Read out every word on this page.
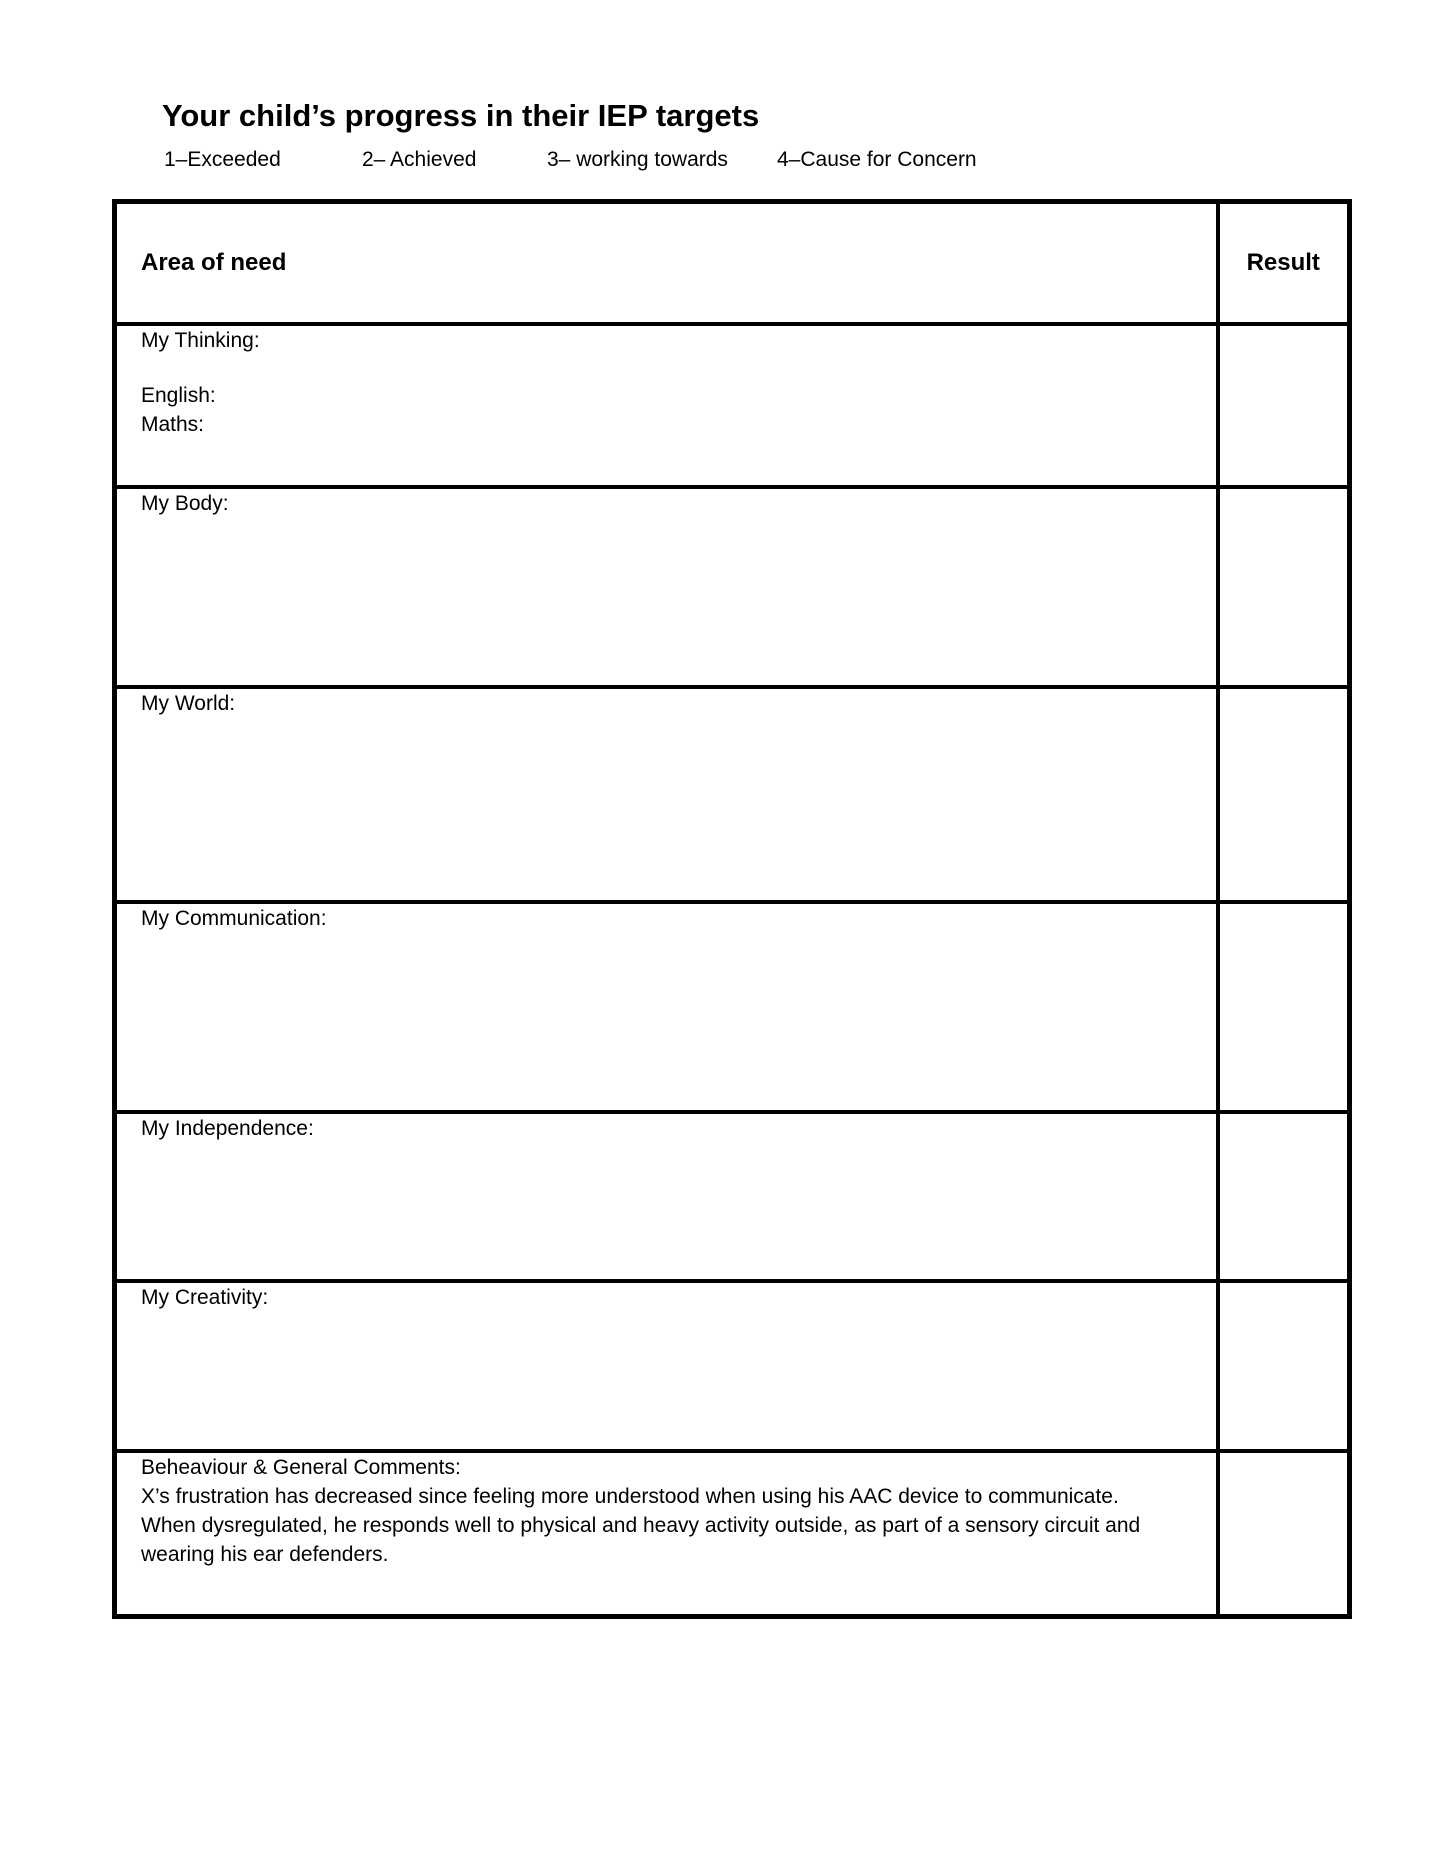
Your child’s progress in their IEP targets
1–Exceeded	2– Achieved	3– working towards 4–Cause for Concern
Area of need	Result

My Thinking:
English:
Maths:	

My Body:	

My World:	

My Communication:	

My Independence:	

My Creativity:	

Beheaviour & General Comments:
X’s frustration has decreased since feeling more understood when using his AAC device to communicate. When dysregulated, he responds well to physical and heavy activity outside, as part of a sensory circuit and wearing his ear defenders.	
